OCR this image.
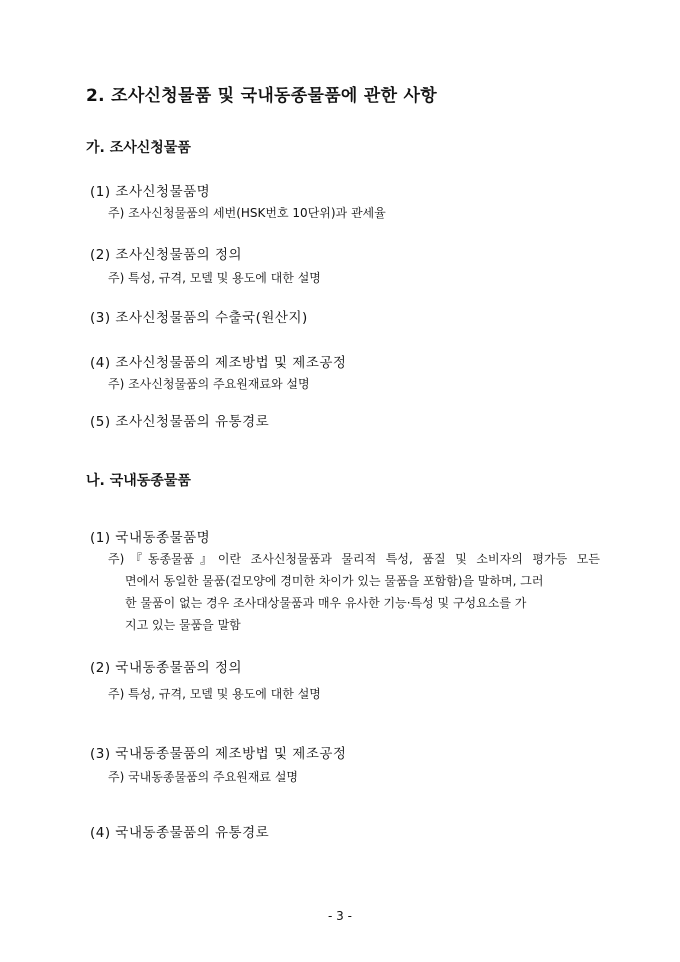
2. 조사신청물품 및 국내동종물품에 관한 사항
가. 조사신청물품
(1) 조사신청물품명
주) 조사신청물품의 세번(HSK번호 10단위)과 관세율
(2) 조사신청물품의 정의
주) 특성, 규격, 모델 및 용도에 대한 설명
(3) 조사신청물품의 수출국(원산지)
(4) 조사신청물품의 제조방법 및 제조공정
주) 조사신청물품의 주요원재료와 설명
(5) 조사신청물품의 유통경로
나. 국내동종물품
(1) 국내동종물품명
주)『동종물품』이란 조사신청물품과 물리적 특성, 품질 및 소비자의 평가등 모든
면에서 동일한 물품(겉모양에 경미한 차이가 있는 물품을 포함함)을 말하며, 그러
한 물품이 없는 경우 조사대상물품과 매우 유사한 기능·특성 및 구성요소를 가
지고 있는 물품을 말함
(2) 국내동종물품의 정의
주) 특성, 규격, 모델 및 용도에 대한 설명
(3) 국내동종물품의 제조방법 및 제조공정
주) 국내동종물품의 주요원재료 설명
(4) 국내동종물품의 유통경로
- 3 -
